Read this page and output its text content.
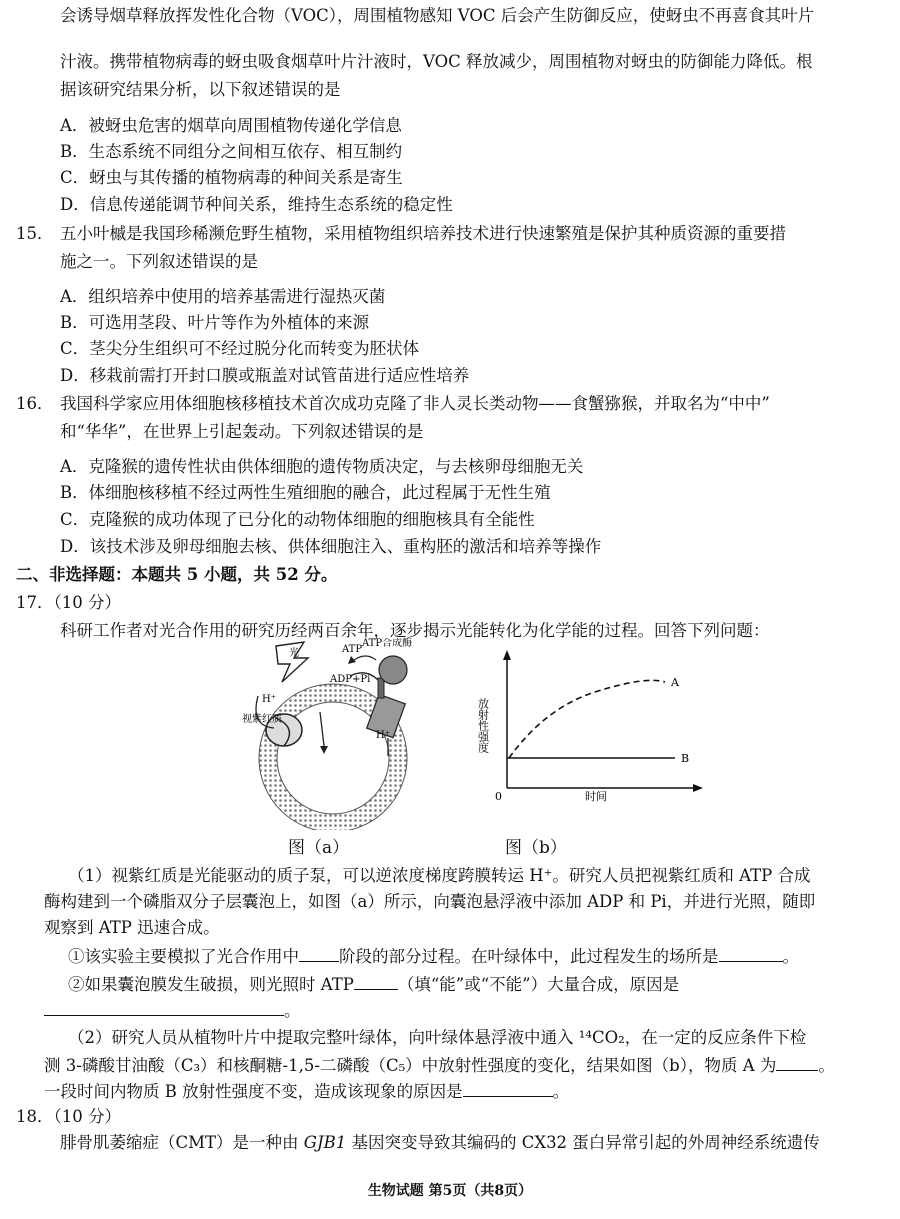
会诱导烟草释放挥发性化合物（VOC），周围植物感知 VOC 后会产生防御反应，使蚜虫不再喜食其叶片
汁液。携带植物病毒的蚜虫吸食烟草叶片汁液时，VOC 释放减少，周围植物对蚜虫的防御能力降低。根
据该研究结果分析，以下叙述错误的是
A．被蚜虫危害的烟草向周围植物传递化学信息
B．生态系统不同组分之间相互依存、相互制约
C．蚜虫与其传播的植物病毒的种间关系是寄生
D．信息传递能调节种间关系，维持生态系统的稳定性
15． 五小叶槭是我国珍稀濒危野生植物，采用植物组织培养技术进行快速繁殖是保护其种质资源的重要措
施之一。下列叙述错误的是
A．组织培养中使用的培养基需进行湿热灭菌
B．可选用茎段、叶片等作为外植体的来源
C．茎尖分生组织可不经过脱分化而转变为胚状体
D．移栽前需打开封口膜或瓶盖对试管苗进行适应性培养
16． 我国科学家应用体细胞核移植技术首次成功克隆了非人灵长类动物——食蟹猕猴，并取名为“中中”
和“华华”，在世界上引起轰动。下列叙述错误的是
A．克隆猴的遗传性状由供体细胞的遗传物质决定，与去核卵母细胞无关
B．体细胞核移植不经过两性生殖细胞的融合，此过程属于无性生殖
C．克隆猴的成功体现了已分化的动物体细胞的细胞核具有全能性
D．该技术涉及卵母细胞去核、供体细胞注入、重构胚的激活和培养等操作
二、非选择题：本题共 5 小题，共 52 分。
17．（10 分）
科研工作者对光合作用的研究历经两百余年，逐步揭示光能转化为化学能的过程。回答下列问题：
光	ATP
ATP合成酶
ADP+Pi
H⁺
H⁺
视紫红质
0	时间
放射性强度
A
B
图（a）	图（b）
（1）视紫红质是光能驱动的质子泵，可以逆浓度梯度跨膜转运 H⁺。研究人员把视紫红质和 ATP 合成
酶构建到一个磷脂双分子层囊泡上，如图（a）所示，向囊泡悬浮液中添加 ADP 和 Pi，并进行光照，随即
观察到 ATP 迅速合成。
①该实验主要模拟了光合作用中 阶段的部分过程。在叶绿体中，此过程发生的场所是	。
②如果囊泡膜发生破损，则光照时 ATP	（填“能”或“不能”）大量合成，原因是
。
（2）研究人员从植物叶片中提取完整叶绿体，向叶绿体悬浮液中通入 ¹⁴CO₂，在一定的反应条件下检
测 3-磷酸甘油酸（C₃）和核酮糖-1,5-二磷酸（C₅）中放射性强度的变化，结果如图（b），物质 A 为	。
一段时间内物质 B 放射性强度不变，造成该现象的原因是	。
18．（10 分）
腓骨肌萎缩症（CMT）是一种由 GJB1 基因突变导致其编码的 CX32 蛋白异常引起的外周神经系统遗传
生物试题 第5页（共8页）
